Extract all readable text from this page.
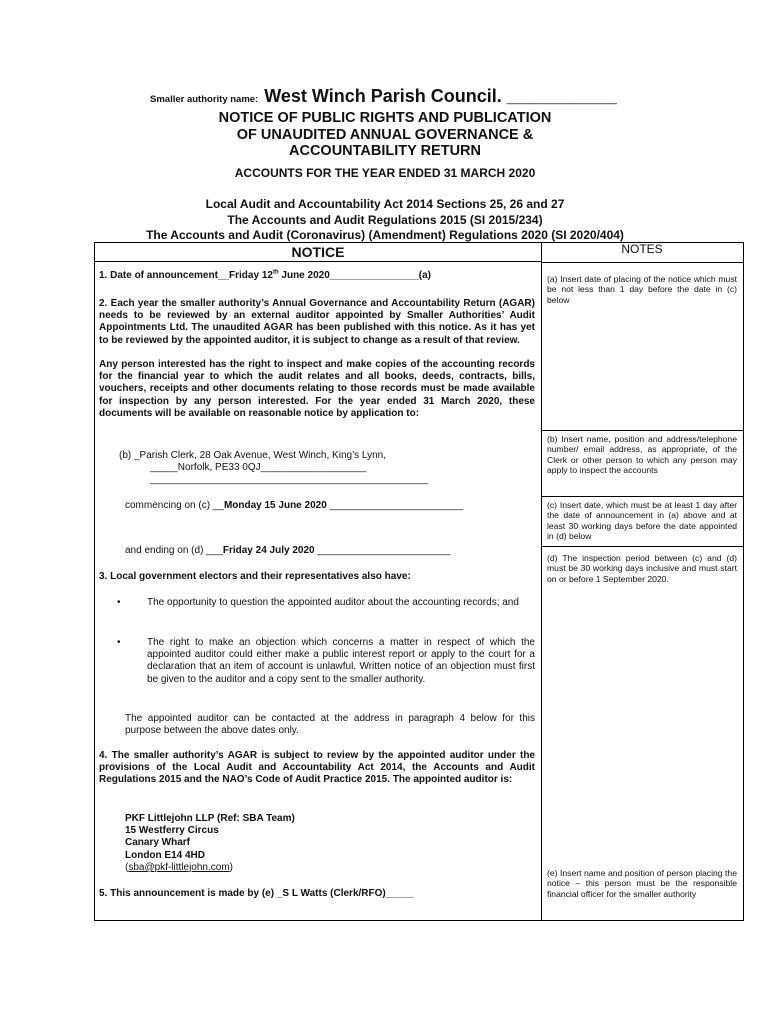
Smaller authority name: West Winch Parish Council. ___________
NOTICE OF PUBLIC RIGHTS AND PUBLICATION
OF UNAUDITED ANNUAL GOVERNANCE &
ACCOUNTABILITY RETURN
ACCOUNTS FOR THE YEAR ENDED 31 MARCH 2020
Local Audit and Accountability Act 2014 Sections 25, 26 and 27
The Accounts and Audit Regulations 2015 (SI 2015/234)
The Accounts and Audit (Coronavirus) (Amendment) Regulations 2020 (SI 2020/404)
NOTICE	NOTES
1. Date of announcement__Friday 12th June 2020________________(a)
2. Each year the smaller authority’s Annual Governance and Accountability Return (AGAR) needs to be reviewed by an external auditor appointed by Smaller Authorities’ Audit Appointments Ltd. The unaudited AGAR has been published with this notice. As it has yet to be reviewed by the appointed auditor, it is subject to change as a result of that review.
Any person interested has the right to inspect and make copies of the accounting records for the financial year to which the audit relates and all books, deeds, contracts, bills, vouchers, receipts and other documents relating to those records must be made available for inspection by any person interested. For the year ended 31 March 2020, these documents will be available on reasonable notice by application to:
(b) _Parish Clerk, 28 Oak Avenue, West Winch, King’s Lynn,
_____Norfolk, PE33 0QJ___________________
__________________________________________________
commencing on (c) __Monday 15 June 2020 ________________________
and ending on (d) ___Friday 24 July 2020 ________________________
3. Local government electors and their representatives also have:
•	The opportunity to question the appointed auditor about the accounting records; and
•	The right to make an objection which concerns a matter in respect of which the appointed auditor could either make a public interest report or apply to the court for a declaration that an item of account is unlawful. Written notice of an objection must first be given to the auditor and a copy sent to the smaller authority.
The appointed auditor can be contacted at the address in paragraph 4 below for this purpose between the above dates only.
4. The smaller authority’s AGAR is subject to review by the appointed auditor under the provisions of the Local Audit and Accountability Act 2014, the Accounts and Audit Regulations 2015 and the NAO’s Code of Audit Practice 2015. The appointed auditor is:
PKF Littlejohn LLP (Ref: SBA Team)
15 Westferry Circus
Canary Wharf
London E14 4HD
(sba@pkf-littlejohn.com)
5. This announcement is made by (e) _S L Watts (Clerk/RFO)_____
(a) Insert date of placing of the notice which must be not less than 1 day before the date in (c) below
(b) Insert name, position and address/telephone number/ email address, as appropriate, of the Clerk or other person to which any person may apply to inspect the accounts
(c) Insert date, which must be at least 1 day after the date of announcement in (a) above and at least 30 working days before the date appointed in (d) below
(d) The inspection period between (c) and (d) must be 30 working days inclusive and must start on or before 1 September 2020.
(e) Insert name and position of person placing the notice – this person must be the responsible financial officer for the smaller authority
